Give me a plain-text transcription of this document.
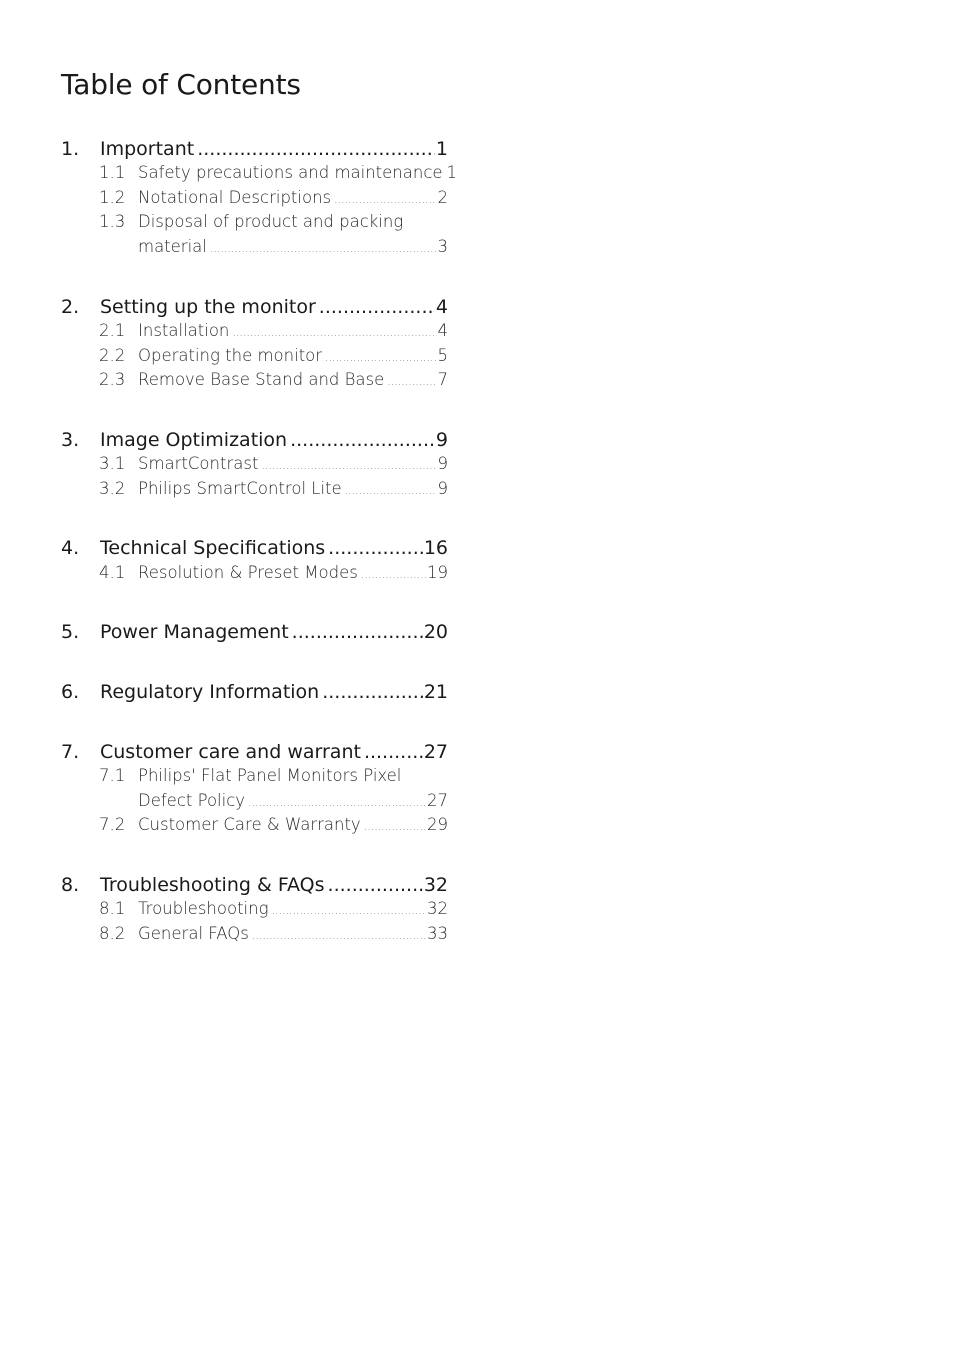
Table of Contents
1. Important .....	1
1.1 Safety precautions and maintenance 1
1.2 Notational Descriptions .....	2
1.3 Disposal of product and packing
material .....	3
2. Setting up the monitor .....	4
2.1 Installation .....	4
2.2 Operating the monitor .....	5
2.3 Remove Base Stand and Base .....	7
3. Image Optimization .....	9
3.1 SmartContrast .....	9
3.2 Philips SmartControl Lite .....	9
4. Technical Specifications .....	16
4.1 Resolution & Preset Modes .....	19
5. Power Management .....	20
6. Regulatory Information .....	21
7. Customer care and warrant .....	27
7.1 Philips' Flat Panel Monitors Pixel
Defect Policy .....	27
7.2 Customer Care & Warranty .....	29
8. Troubleshooting & FAQs .....	32
8.1 Troubleshooting .....	32
8.2 General FAQs .....	33
